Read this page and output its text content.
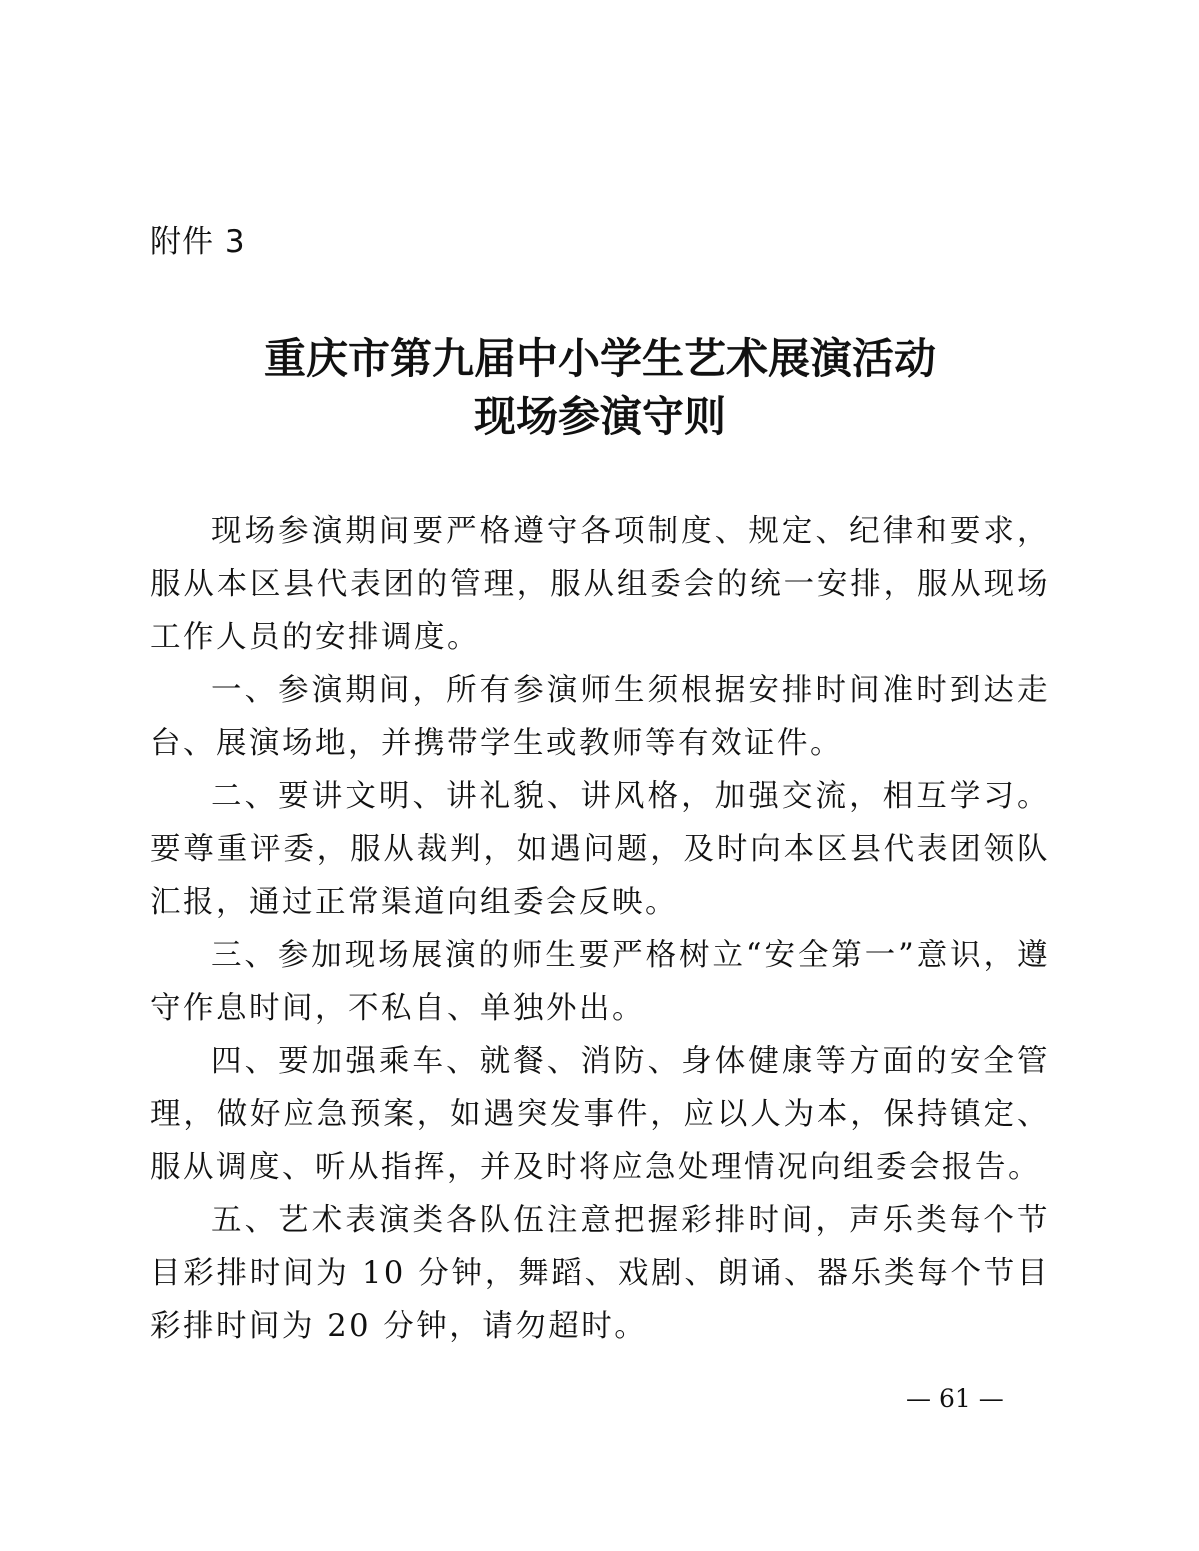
附件 3
重庆市第九届中小学生艺术展演活动
现场参演守则

现场参演期间要严格遵守各项制度、规定、纪律和要求，服从本区县代表团的管理，服从组委会的统一安排，服从现场工作人员的安排调度。

一、参演期间，所有参演师生须根据安排时间准时到达走台、展演场地，并携带学生或教师等有效证件。

二、要讲文明、讲礼貌、讲风格，加强交流，相互学习。要尊重评委，服从裁判，如遇问题，及时向本区县代表团领队汇报，通过正常渠道向组委会反映。

三、参加现场展演的师生要严格树立“安全第一”意识，遵守作息时间，不私自、单独外出。

四、要加强乘车、就餐、消防、身体健康等方面的安全管理，做好应急预案，如遇突发事件，应以人为本，保持镇定、服从调度、听从指挥，并及时将应急处理情况向组委会报告。

五、艺术表演类各队伍注意把握彩排时间，声乐类每个节目彩排时间为 10 分钟，舞蹈、戏剧、朗诵、器乐类每个节目彩排时间为 20 分钟，请勿超时。

— 61 —
